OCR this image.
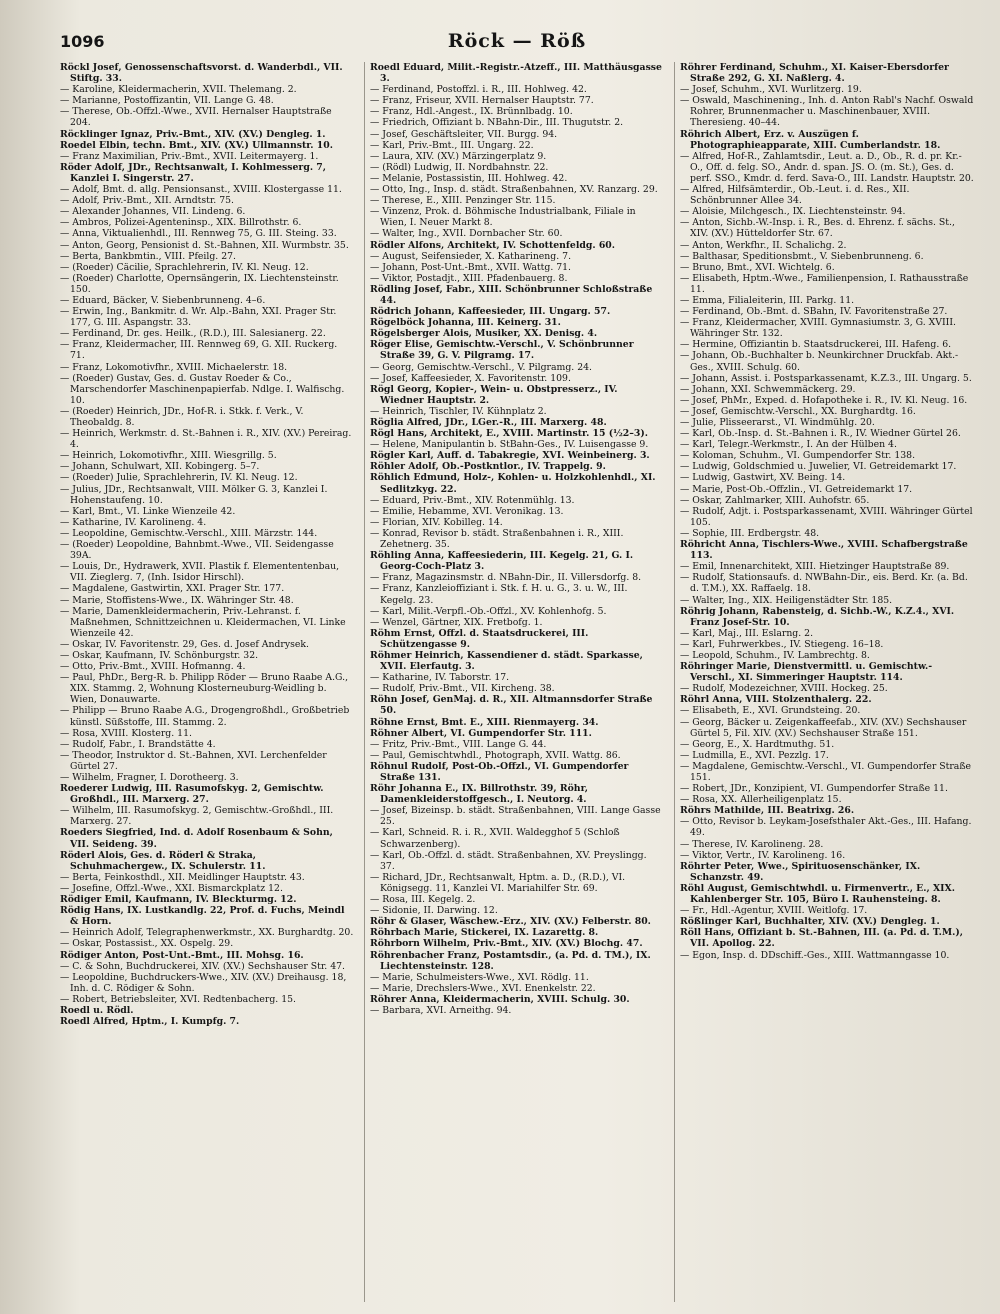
1096	Röck — Röß

Röckl Josef, Genossenschaftsvorst. d. Wanderbdl., VII. Stiftg. 33.

— Karoline, Kleidermacherin, XVII. Thelemang. 2.

— Marianne, Postoffizantin, VII. Lange G. 48.

— Therese, Ob.-Offzl.-Wwe., XVII. Hernalser Hauptstraße 204.

Röcklinger Ignaz, Priv.-Bmt., XIV. (XV.) Dengleg. 1.

Roedel Elbin, techn. Bmt., XIV. (XV.) Ullmannstr. 10.

— Franz Maximilian, Priv.-Bmt., XVII. Leitermayerg. 1.

Röder Adolf, JDr., Rechtsanwalt, I. Kohlmesserg. 7, Kanzlei I. Singerstr. 27.

— Adolf, Bmt. d. allg. Pensionsanst., XVIII. Klostergasse 11.

— Adolf, Priv.-Bmt., XII. Arndtstr. 75.

— Alexander Johannes, VII. Lindeng. 6.

— Ambros, Polizei-Agenteninsp., XIX. Billrothstr. 6.

— Anna, Viktualienhdl., III. Rennweg 75, G. III. Steing. 33.

— Anton, Georg, Pensionist d. St.-Bahnen, XII. Wurmbstr. 35.

— Berta, Bankbmtin., VIII. Pfeilg. 27.

— (Roeder) Cäcilie, Sprachlehrerin, IV. Kl. Neug. 12.

— (Roeder) Charlotte, Opernsängerin, IX. Liechtensteinstr. 150.

— Eduard, Bäcker, V. Siebenbrunneng. 4–6.

— Erwin, Ing., Bankmitr. d. Wr. Alp.-Bahn, XXI. Prager Str. 177, G. III. Aspangstr. 33.

— Ferdinand, Dr. ges. Heilk., (R.D.), III. Salesianerg. 22.

— Franz, Kleidermacher, III. Rennweg 69, G. XII. Ruckerg. 71.

— Franz, Lokomotivfhr., XVIII. Michaelerstr. 18.

— (Roeder) Gustav, Ges. d. Gustav Roeder & Co., Marschendorfer Maschinenpapierfab. Ndlge. I. Walfischg. 10.

— (Roeder) Heinrich, JDr., Hof-R. i. Stkk. f. Verk., V. Theobaldg. 8.

— Heinrich, Werkmstr. d. St.-Bahnen i. R., XIV. (XV.) Pereirag. 4.

— Heinrich, Lokomotivfhr., XIII. Wiesgrillg. 5.

— Johann, Schulwart, XII. Kobingerg. 5–7.

— (Roeder) Julie, Sprachlehrerin, IV. Kl. Neug. 12.

— Julius, JDr., Rechtsanwalt, VIII. Mölker G. 3, Kanzlei I. Hohenstaufeng. 10.

— Karl, Bmt., VI. Linke Wienzeile 42.

— Katharine, IV. Karolineng. 4.

— Leopoldine, Gemischtw.-Verschl., XIII. Märzstr. 144.

— (Roeder) Leopoldine, Bahnbmt.-Wwe., VII. Seidengasse 39A.

— Louis, Dr., Hydrawerk, XVII. Plastik f. Elemententenbau, VII. Zieglerg. 7, (Inh. Isidor Hirschl).

— Magdalene, Gastwirtin, XXI. Prager Str. 177.

— Marie, Stoffistens-Wwe., IX. Währinger Str. 48.

— Marie, Damenkleidermacherin, Priv.-Lehranst. f. Maßnehmen, Schnittzeichnen u. Kleidermachen, VI. Linke Wienzeile 42.

— Oskar, IV. Favoritenstr. 29, Ges. d. Josef Andrysek.

— Oskar, Kaufmann, IV. Schönburgstr. 32.

— Otto, Priv.-Bmt., XVIII. Hofmanng. 4.

— Paul, PhDr., Berg-R. b. Philipp Röder — Bruno Raabe A.G., XIX. Stammg. 2, Wohnung Klosterneuburg-Weidling b. Wien, Donauwarte.

— Philipp — Bruno Raabe A.G., Drogengroßhdl., Großbetrieb künstl. Süßstoffe, III. Stammg. 2.

— Rosa, XVIII. Klosterg. 11.

— Rudolf, Fabr., I. Brandstätte 4.

— Theodor, Instruktor d. St.-Bahnen, XVI. Lerchenfelder Gürtel 27.

— Wilhelm, Fragner, I. Dorotheerg. 3.

Roederer Ludwig, III. Rasumofskyg. 2, Gemischtw. Großhdl., III. Marxerg. 27.

— Wilhelm, III. Rasumofskyg. 2, Gemischtw.-Großhdl., III. Marxerg. 27.

Roeders Siegfried, Ind. d. Adolf Rosenbaum & Sohn, VII. Seideng. 39.

Röderl Alois, Ges. d. Röderl & Straka, Schuhmachergew., IX. Schulerstr. 11.

— Berta, Feinkosthdl., XII. Meidlinger Hauptstr. 43.

— Josefine, Offzl.-Wwe., XXI. Bismarckplatz 12.

Rödiger Emil, Kaufmann, IV. Bleckturmg. 12.

Rödig Hans, IX. Lustkandlg. 22, Prof. d. Fuchs, Meindl & Horn.

— Heinrich Adolf, Telegraphenwerkmstr., XX. Burghardtg. 20.

— Oskar, Postassist., XX. Ospelg. 29.

Rödiger Anton, Post-Unt.-Bmt., III. Mohsg. 16.

— C. & Sohn, Buchdruckerei, XIV. (XV.) Sechshauser Str. 47.

— Leopoldine, Buchdruckers-Wwe., XIV. (XV.) Dreihausg. 18, Inh. d. C. Rödiger & Sohn.

— Robert, Betriebsleiter, XVI. Redtenbacherg. 15.

Roedl u. Rödl.

Roedl Alfred, Hptm., I. Kumpfg. 7.

Roedl Eduard, Milit.-Registr.-Atzeff., III. Matthäusgasse 3.

— Ferdinand, Postoffzl. i. R., III. Hohlweg. 42.

— Franz, Friseur, XVII. Hernalser Hauptstr. 77.

— Franz, Hdl.-Angest., IX. Brünnlbadg. 10.

— Friedrich, Offiziant b. NBahn-Dir., III. Thugutstr. 2.

— Josef, Geschäftsleiter, VII. Burgg. 94.

— Karl, Priv.-Bmt., III. Ungarg. 22.

— Laura, XIV. (XV.) Märzingerplatz 9.

— (Rödl) Ludwig, II. Nordbahnstr. 22.

— Melanie, Postassistin, III. Hohlweg. 42.

— Otto, Ing., Insp. d. städt. Straßenbahnen, XV. Ranzarg. 29.

— Therese, E., XIII. Penzinger Str. 115.

— Vinzenz, Prok. d. Böhmische Industrialbank, Filiale in Wien, I. Neuer Markt 8.

— Walter, Ing., XVII. Dornbacher Str. 60.

Rödler Alfons, Architekt, IV. Schottenfeldg. 60.

— August, Seifensieder, X. Katharineng. 7.

— Johann, Post-Unt.-Bmt., XVII. Wattg. 71.

— Viktor, Postadjt., XIII. Pfadenbauerg. 8.

Rödling Josef, Fabr., XIII. Schönbrunner Schloßstraße 44.

Rödrich Johann, Kaffeesieder, III. Ungarg. 57.

Rögelböck Johanna, III. Keinerg. 31.

Rögelsberger Alois, Musiker, XX. Denisg. 4.

Röger Elise, Gemischtw.-Verschl., V. Schönbrunner Straße 39, G. V. Pilgramg. 17.

— Georg, Gemischtw.-Verschl., V. Pilgramg. 24.

— Josef, Kaffeesieder, X. Favoritenstr. 109.

Rögl Georg, Kopier-, Wein- u. Obstpresserz., IV. Wiedner Hauptstr. 2.

— Heinrich, Tischler, IV. Kühnplatz 2.

Röglia Alfred, JDr., LGer.-R., III. Marxerg. 48.

Rögl Hans, Architekt, E., XVIII. Martinstr. 15 (½2–3).

— Helene, Manipulantin b. StBahn-Ges., IV. Luisengasse 9.

Rögler Karl, Auff. d. Tabakregie, XVI. Weinbeinerg. 3.

Röhler Adolf, Ob.-Postkntlor., IV. Trappelg. 9.

Röhlich Edmund, Holz-, Kohlen- u. Holzkohlenhdl., XI. Sedlitzkyg. 22.

— Eduard, Priv.-Bmt., XIV. Rotenmühlg. 13.

— Emilie, Hebamme, XVI. Veronikag. 13.

— Florian, XIV. Kobilleg. 14.

— Konrad, Revisor b. städt. Straßenbahnen i. R., XIII. Zehetnerg. 35.

Röhling Anna, Kaffeesiederin, III. Kegelg. 21, G. I. Georg-Coch-Platz 3.

— Franz, Magazinsmstr. d. NBahn-Dir., II. Villersdorfg. 8.

— Franz, Kanzleioffiziant i. Stk. f. H. u. G., 3. u. W., III. Kegelg. 23.

— Karl, Milit.-Verpfl.-Ob.-Offzl., XV. Kohlenhofg. 5.

— Wenzel, Gärtner, XIX. Fretbofg. 1.

Röhm Ernst, Offzl. d. Staatsdruckerei, III. Schützengasse 9.

Röhmer Heinrich, Kassendiener d. städt. Sparkasse, XVII. Elerfautg. 3.

— Katharine, IV. Taborstr. 17.

— Rudolf, Priv.-Bmt., VII. Kircheng. 38.

Röhn Josef, GenMaj. d. R., XII. Altmannsdorfer Straße 50.

Röhne Ernst, Bmt. E., XIII. Rienmayerg. 34.

Röhner Albert, VI. Gumpendorfer Str. 111.

— Fritz, Priv.-Bmt., VIII. Lange G. 44.

— Paul, Gemischtwhdl., Photograph, XVII. Wattg. 86.

Röhnul Rudolf, Post-Ob.-Offzl., VI. Gumpendorfer Straße 131.

Röhr Johanna E., IX. Billrothstr. 39, Röhr, Damenkleiderstoffgesch., I. Neutorg. 4.

— Josef, Bizeinsp. b. städt. Straßenbahnen, VIII. Lange Gasse 25.

— Karl, Schneid. R. i. R., XVII. Waldegghof 5 (Schloß Schwarzenberg).

— Karl, Ob.-Offzl. d. städt. Straßenbahnen, XV. Preyslingg. 37.

— Richard, JDr., Rechtsanwalt, Hptm. a. D., (R.D.), VI. Königsegg. 11, Kanzlei VI. Mariahilfer Str. 69.

— Rosa, III. Kegelg. 2.

— Sidonie, II. Darwing. 12.

Röhr & Glaser, Wäschew.-Erz., XIV. (XV.) Felberstr. 80.

Röhrbach Marie, Stickerei, IX. Lazarettg. 8.

Röhrborn Wilhelm, Priv.-Bmt., XIV. (XV.) Blochg. 47.

Röhrenbacher Franz, Postamtsdir., (a. Pd. d. TM.), IX. Liechtensteinstr. 128.

— Marie, Schulmeisters-Wwe., XVI. Rödlg. 11.

— Marie, Drechslers-Wwe., XVI. Enenkelstr. 22.

Röhrer Anna, Kleidermacherin, XVIII. Schulg. 30.

— Barbara, XVI. Arneithg. 94.

Röhrer Ferdinand, Schuhm., XI. Kaiser-Ebersdorfer Straße 292, G. XI. Naßlerg. 4.

— Josef, Schuhm., XVI. Wurlitzerg. 19.

— Oswald, Maschinening., Inh. d. Anton Rabl's Nachf. Oswald Rohrer, Brunnenmacher u. Maschinenbauer, XVIII. Theresieng. 40–44.

Röhrich Albert, Erz. v. Auszügen f. Photographieapparate, XIII. Cumberlandstr. 18.

— Alfred, Hof-R., Zahlamtsdir., Leut. a. D., Ob., R. d. pr. Kr.-O., Off. d. felg. SO., Andr. d. span. JS. O. (m. St.), Ges. d. perf. SSO., Kmdr. d. ferd. Sava-O., III. Landstr. Hauptstr. 20.

— Alfred, Hilfsämterdir., Ob.-Leut. i. d. Res., XII. Schönbrunner Allee 34.

— Aloisie, Milchgesch., IX. Liechtensteinstr. 94.

— Anton, Sichb.-W.-Insp. i. R., Bes. d. Ehrenz. f. sächs. St., XIV. (XV.) Hütteldorfer Str. 67.

— Anton, Werkfhr., II. Schalichg. 2.

— Balthasar, Speditionsbmt., V. Siebenbrunneng. 6.

— Bruno, Bmt., XVI. Wichtelg. 6.

— Elisabeth, Hptm.-Wwe., Familienpension, I. Rathausstraße 11.

— Emma, Filialeiterin, III. Parkg. 11.

— Ferdinand, Ob.-Bmt. d. SBahn, IV. Favoritenstraße 27.

— Franz, Kleidermacher, XVIII. Gymnasiumstr. 3, G. XVIII. Währinger Str. 132.

— Hermine, Offiziantin b. Staatsdruckerei, III. Hafeng. 6.

— Johann, Ob.-Buchhalter b. Neunkirchner Druckfab. Akt.-Ges., XVIII. Schulg. 60.

— Johann, Assist. i. Postsparkassenamt, K.Z.3., III. Ungarg. 5.

— Johann, XXI. Schwemmäckerg. 29.

— Josef, PhMr., Exped. d. Hofapotheke i. R., IV. Kl. Neug. 16.

— Josef, Gemischtw.-Verschl., XX. Burghardtg. 16.

— Julie, Plisseerarst., VI. Windmühlg. 20.

— Karl, Ob.-Insp. d. St.-Bahnen i. R., IV. Wiedner Gürtel 26.

— Karl, Telegr.-Werkmstr., I. An der Hülben 4.

— Koloman, Schuhm., VI. Gumpendorfer Str. 138.

— Ludwig, Goldschmied u. Juwelier, VI. Getreidemarkt 17.

— Ludwig, Gastwirt, XV. Being. 14.

— Marie, Post-Ob.-Offzlin., VI. Getreidemarkt 17.

— Oskar, Zahlmarker, XIII. Auhofstr. 65.

— Rudolf, Adjt. i. Postsparkassenamt, XVIII. Währinger Gürtel 105.

— Sophie, III. Erdbergstr. 48.

Röhricht Anna, Tischlers-Wwe., XVIII. Schafbergstraße 113.

— Emil, Innenarchitekt, XIII. Hietzinger Hauptstraße 89.

— Rudolf, Stationsaufs. d. NWBahn-Dir., eis. Berd. Kr. (a. Bd. d. T.M.), XX. Raffaelg. 18.

— Walter, Ing., XIX. Heiligenstädter Str. 185.

Röhrig Johann, Rabensteig, d. Sichb.-W., K.Z.4., XVI. Franz Josef-Str. 10.

— Karl, Maj., III. Eslarng. 2.

— Karl, Fuhrwerkbes., IV. Stiegeng. 16–18.

— Leopold, Schuhm., IV. Lambrechtg. 8.

Röhringer Marie, Dienstvermittl. u. Gemischtw.-Verschl., XI. Simmeringer Hauptstr. 114.

— Rudolf, Modezeichner, XVIII. Hockeg. 25.

Röhrl Anna, VIII. Stolzenthalerg. 22.

— Elisabeth, E., XVI. Grundsteing. 20.

— Georg, Bäcker u. Zeigenkaffeefab., XIV. (XV.) Sechshauser Gürtel 5, Fil. XIV. (XV.) Sechshauser Straße 151.

— Georg, E., X. Hardtmuthg. 51.

— Ludmilla, E., XVI. Pezzlg. 17.

— Magdalene, Gemischtw.-Verschl., VI. Gumpendorfer Straße 151.

— Robert, JDr., Konzipient, VI. Gumpendorfer Straße 11.

— Rosa, XX. Allerheiligenplatz 15.

Röhrs Mathilde, III. Beatrixg. 26.

— Otto, Revisor b. Leykam-Josefsthaler Akt.-Ges., III. Hafang. 49.

— Therese, IV. Karolineng. 28.

— Viktor, Vertr., IV. Karolineng. 16.

Röhrter Peter, Wwe., Spirituosenschänker, IX. Schanzstr. 49.

Röhl August, Gemischtwhdl. u. Firmenvertr., E., XIX. Kahlenberger Str. 105, Büro I. Rauhensteing. 8.

— Fr., Hdl.-Agentur, XVIII. Weitlofg. 17.

Rößlinger Karl, Buchhalter, XIV. (XV.) Dengleg. 1.

Röll Hans, Offiziant b. St.-Bahnen, III. (a. Pd. d. T.M.), VII. Apollog. 22.

— Egon, Insp. d. DDschiff.-Ges., XIII. Wattmanngasse 10.
